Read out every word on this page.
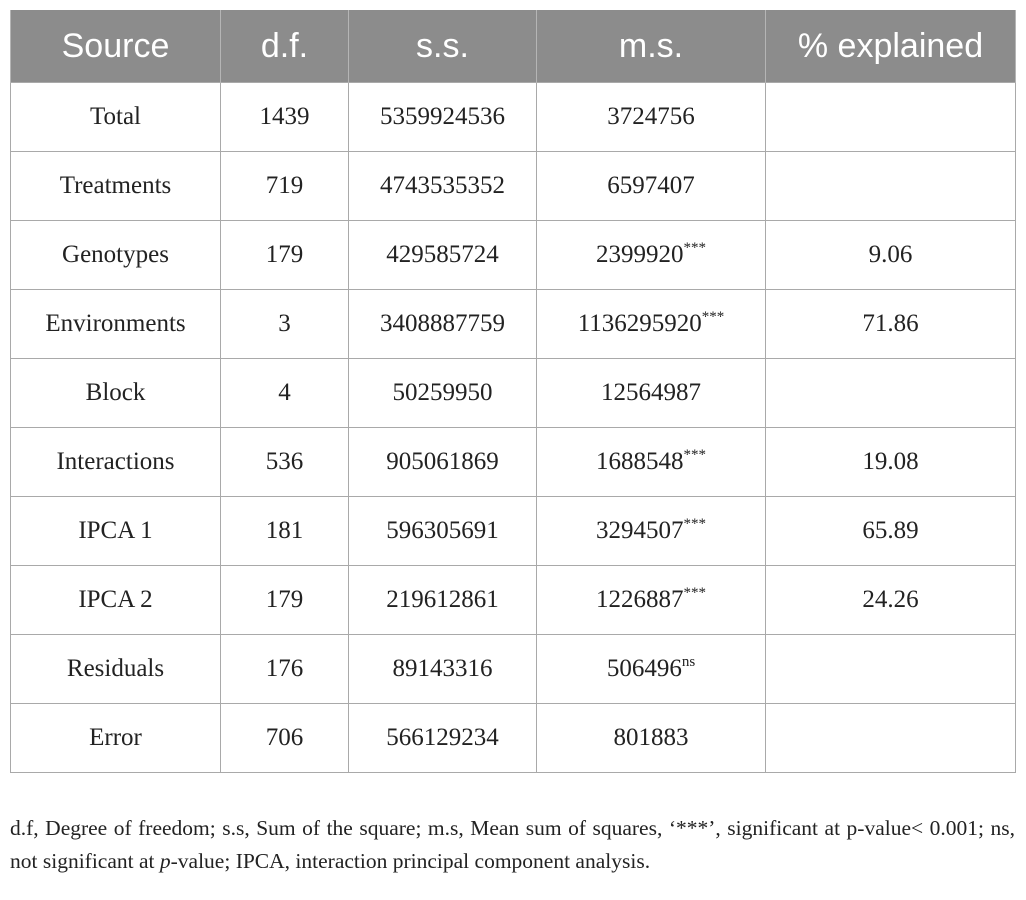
Source	d.f.	s.s.	m.s.	% explained
Total	1439	5359924536	3724756	
Treatments	719	4743535352	6597407	
Genotypes	179	429585724	2399920***	9.06
Environments	3	3408887759	1136295920***	71.86
Block	4	50259950	12564987	
Interactions	536	905061869	1688548***	19.08
IPCA 1	181	596305691	3294507***	65.89
IPCA 2	179	219612861	1226887***	24.26
Residuals	176	89143316	$506496^{ns}$	
Error	706	566129234	801883	

d.f, Degree of freedom; s.s, Sum of the square; m.s, Mean sum of squares, ‘***’, significant at p-value< 0.001; ns, not significant at p-value; IPCA, interaction principal component analysis.
